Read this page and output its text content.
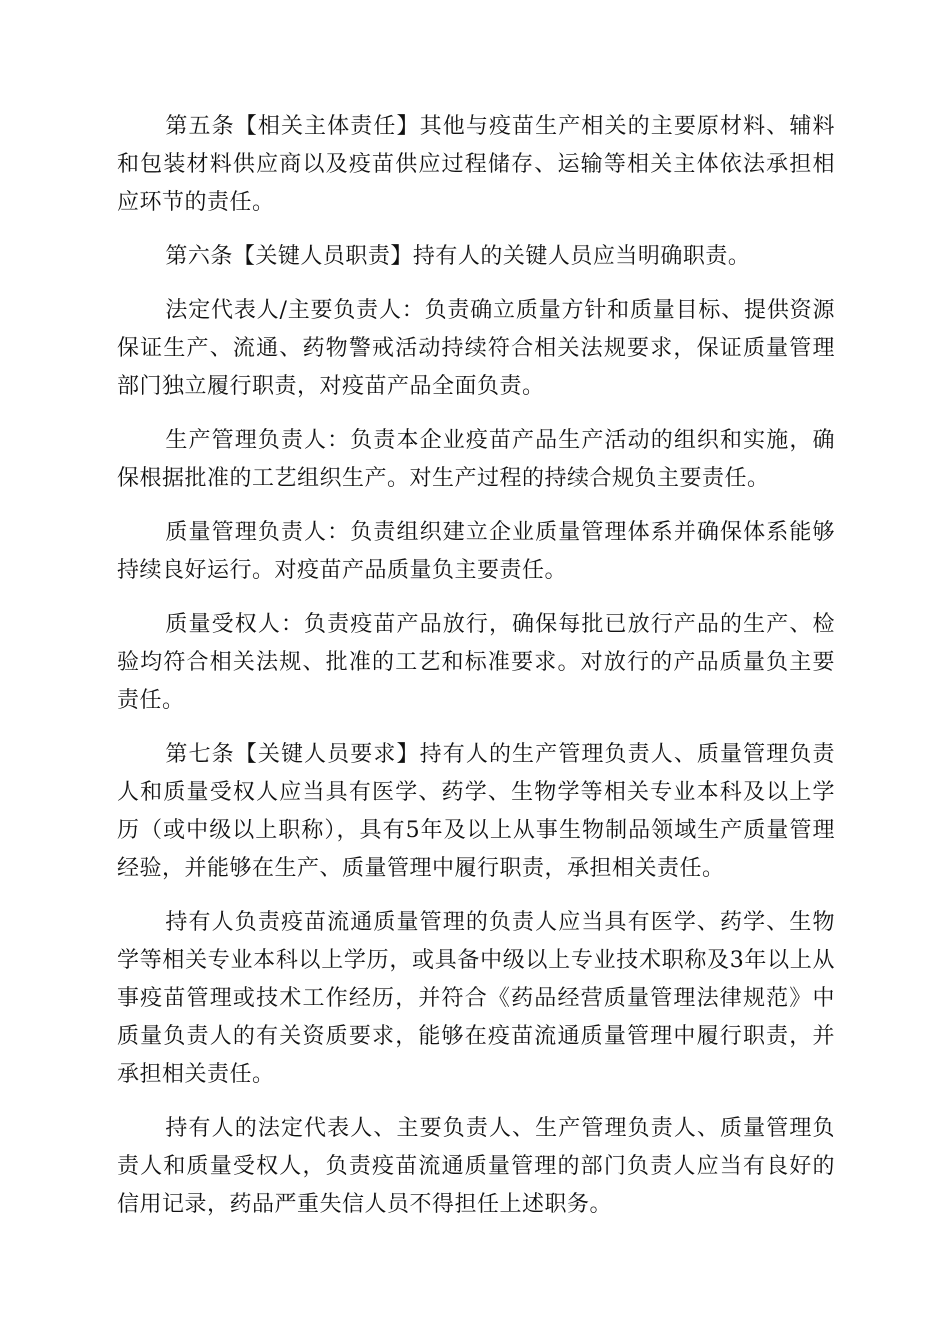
第五条【相关主体责任】其他与疫苗生产相关的主要原材料、辅料和包装材料供应商以及疫苗供应过程储存、运输等相关主体依法承担相应环节的责任。

第六条【关键人员职责】持有人的关键人员应当明确职责。

法定代表人/主要负责人：负责确立质量方针和质量目标、提供资源保证生产、流通、药物警戒活动持续符合相关法规要求，保证质量管理部门独立履行职责，对疫苗产品全面负责。

生产管理负责人：负责本企业疫苗产品生产活动的组织和实施，确保根据批准的工艺组织生产。对生产过程的持续合规负主要责任。

质量管理负责人：负责组织建立企业质量管理体系并确保体系能够持续良好运行。对疫苗产品质量负主要责任。

质量受权人：负责疫苗产品放行，确保每批已放行产品的生产、检验均符合相关法规、批准的工艺和标准要求。对放行的产品质量负主要责任。

第七条【关键人员要求】持有人的生产管理负责人、质量管理负责人和质量受权人应当具有医学、药学、生物学等相关专业本科及以上学历（或中级以上职称），具有5年及以上从事生物制品领域生产质量管理经验，并能够在生产、质量管理中履行职责，承担相关责任。

持有人负责疫苗流通质量管理的负责人应当具有医学、药学、生物学等相关专业本科以上学历，或具备中级以上专业技术职称及3年以上从事疫苗管理或技术工作经历，并符合《药品经营质量管理法律规范》中质量负责人的有关资质要求，能够在疫苗流通质量管理中履行职责，并承担相关责任。

持有人的法定代表人、主要负责人、生产管理负责人、质量管理负责人和质量受权人，负责疫苗流通质量管理的部门负责人应当有良好的信用记录，药品严重失信人员不得担任上述职务。
